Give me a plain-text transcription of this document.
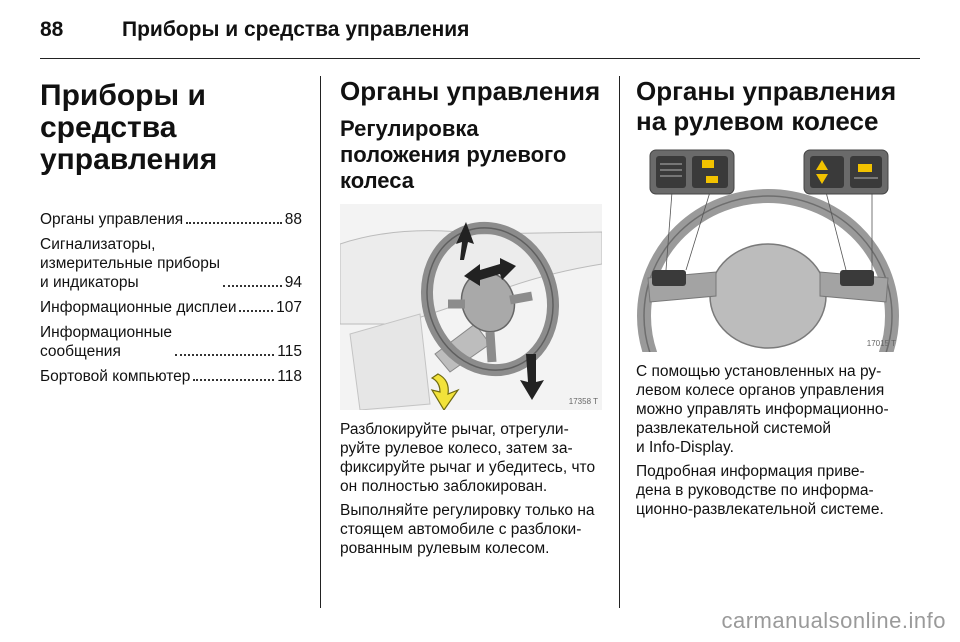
88	Приборы и средства управления
Приборы и средства управления
Органы управления	88
Сигнализаторы,
измерительные приборы
и индикаторы	94
Информационные дисплеи	107
Информационные
сообщения	115
Бортовой компьютер	118
Органы управления
Регулировка положения рулевого колеса
17358 T

Разблокируйте рычаг, отрегули-
руйте рулевое колесо, затем за-
фиксируйте рычаг и убедитесь, что
он полностью заблокирован.

Выполняйте регулировку только на
стоящем автомобиле с разблоки-
рованным рулевым колесом.

Органы управления на рулевом колесе
17015 T

С помощью установленных на ру-
левом колесе органов управления
можно управлять информационно-
развлекательной системой
и Info-Display.

Подробная информация приве-
дена в руководстве по информа-
ционно-развлекательной системе.

carmanualsonline.info
